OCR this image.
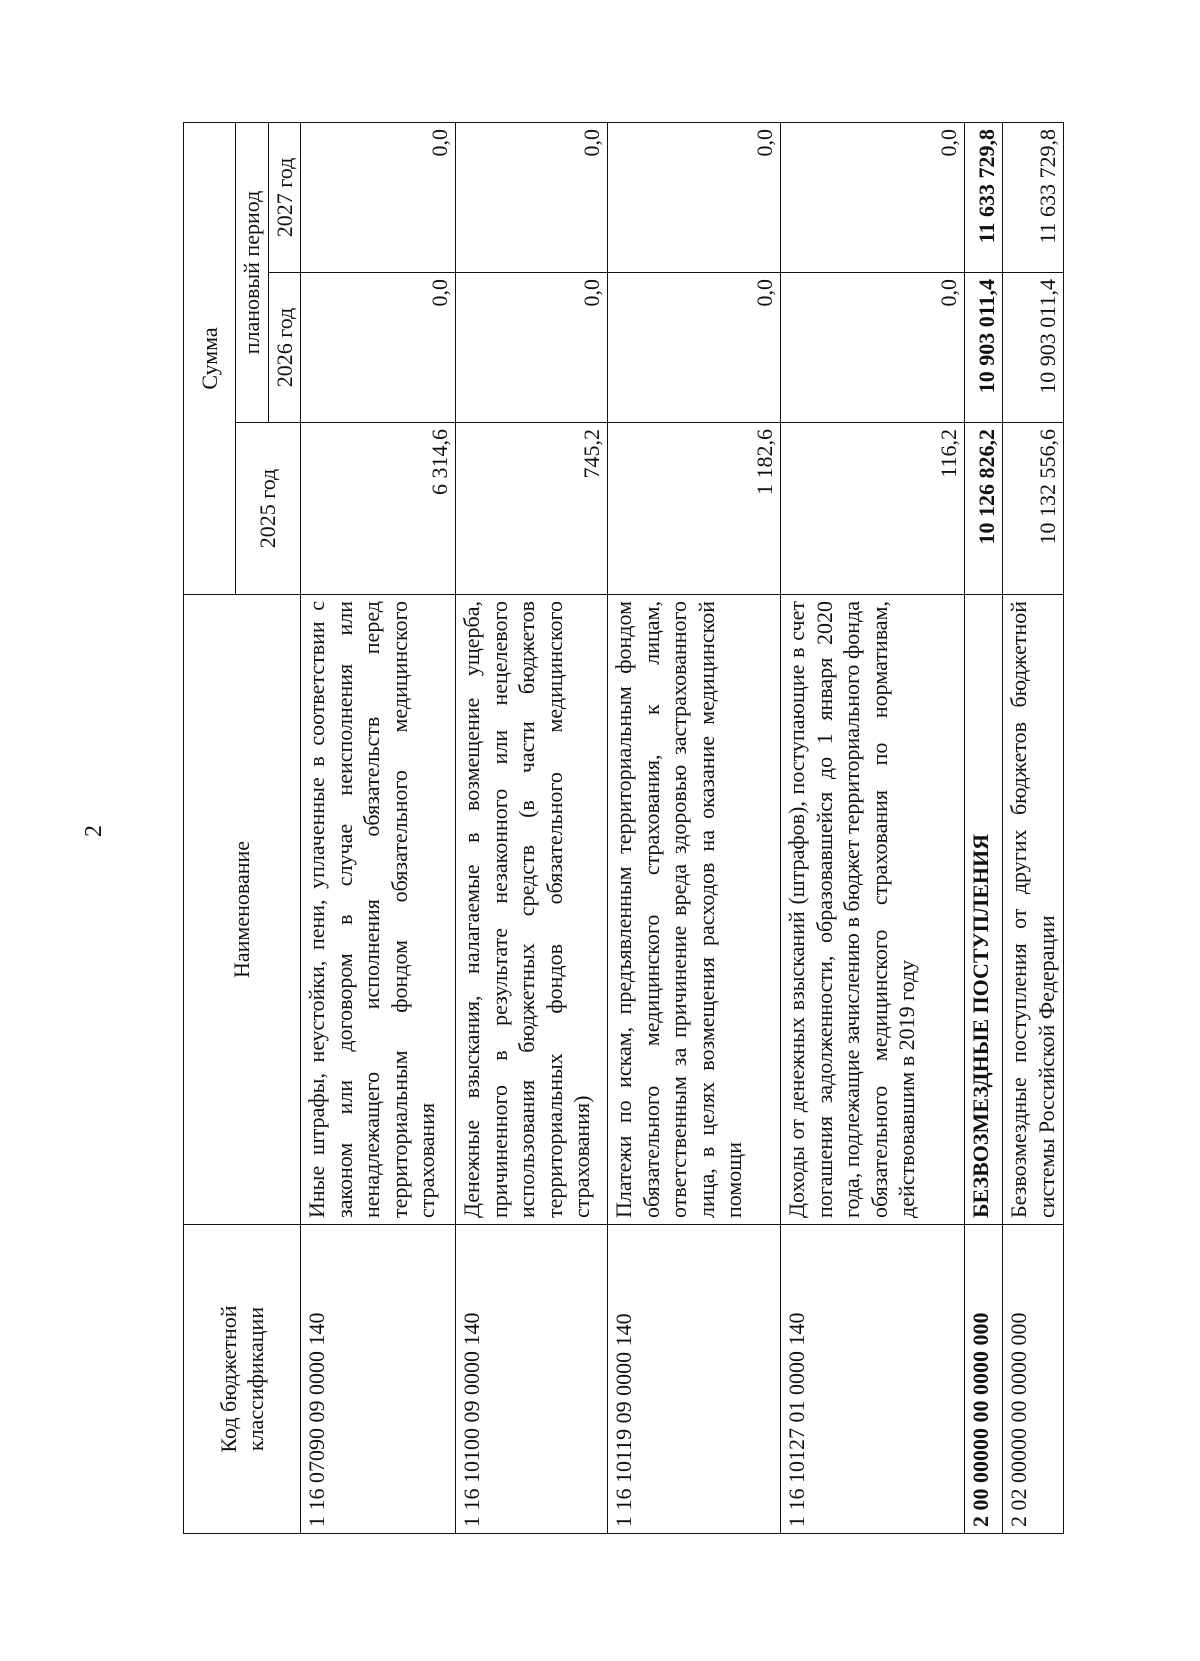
2
Код бюджетной классификации	Наименование	Сумма		
		2025 год	плановый период	
			2026 год	2027 год
1 16 07090 09 0000 140	Иные штрафы, неустойки, пени, уплаченные в соответствии с законом или договором в случае неисполнения или ненадлежащего исполнения обязательств перед территориальным фондом обязательного медицинского страхования	6 314,6	0,0	0,0
1 16 10100 09 0000 140	Денежные взыскания, налагаемые в возмещение ущерба, причиненного в результате незаконного или нецелевого использования бюджетных средств (в части бюджетов территориальных фондов обязательного медицинского страхования)	745,2	0,0	0,0
1 16 10119 09 0000 140	Платежи по искам, предъявленным территориальным фондом обязательного медицинского страхования, к лицам, ответственным за причинение вреда здоровью застрахованного лица, в целях возмещения расходов на оказание медицинской помощи	1 182,6	0,0	0,0
1 16 10127 01 0000 140	Доходы от денежных взысканий (штрафов), поступающие в счет погашения задолженности, образовавшейся до 1 января 2020 года, подлежащие зачислению в бюджет территориального фонда обязательного медицинского страхования по нормативам, действовавшим в 2019 году	116,2	0,0	0,0
2 00 00000 00 0000 000	БЕЗВОЗМЕЗДНЫЕ ПОСТУПЛЕНИЯ	10 126 826,2	10 903 011,4	11 633 729,8
2 02 00000 00 0000 000	Безвозмездные поступления от других бюджетов бюджетной системы Российской Федерации	10 132 556,6	10 903 011,4	11 633 729,8
